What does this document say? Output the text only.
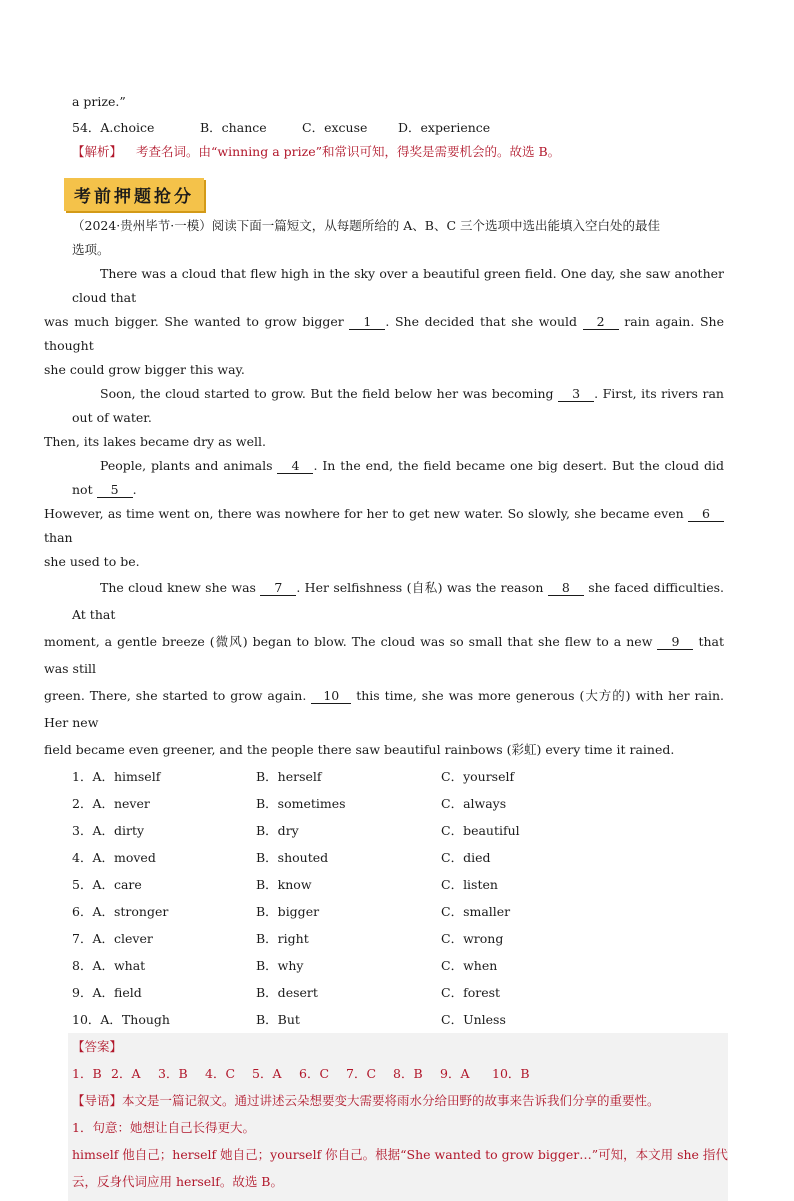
a prize.”
54．A.choice	B．chance	C．excuse	D．experience
【解析】 考查名词。由“winning a prize”和常识可知，得奖是需要机会的。故选 B。
考前押题抢分
（2024·贵州毕节·一模）阅读下面一篇短文，从每题所给的 A、B、C 三个选项中选出能填入空白处的最佳
选项。
There was a cloud that flew high in the sky over a beautiful green field. One day, she saw another cloud that
was much bigger. She wanted to grow bigger 1 . She decided that she would 2 rain again. She thought
she could grow bigger this way.
Soon, the cloud started to grow. But the field below her was becoming 3 . First, its rivers ran out of water.
Then, its lakes became dry as well.
People, plants and animals 4 . In the end, the field became one big desert. But the cloud did not 5 .
However, as time went on, there was nowhere for her to get new water. So slowly, she became even 6 than
she used to be.
The cloud knew she was 7 . Her selfishness (自私) was the reason 8 she faced difficulties. At that
moment, a gentle breeze (微风) began to blow. The cloud was so small that she flew to a new 9 that was still
green. There, she started to grow again. 10 this time, she was more generous (大方的) with her rain. Her new
field became even greener, and the people there saw beautiful rainbows (彩虹) every time it rained.
1．A．himself	B．herself	C．yourself
2．A．never	B．sometimes	C．always
3．A．dirty	B．dry	C．beautiful
4．A．moved	B．shouted	C．died
5．A．care	B．know	C．listen
6．A．stronger	B．bigger	C．smaller
7．A．clever	B．right	C．wrong
8．A．what	B．why	C．when
9．A．field	B．desert	C．forest
10．A．Though	B．But	C．Unless
【答案】
1．B 2．A	3．B	4．C	5．A	6．C	7．C	8．B	9．A	10．B
【导语】本文是一篇记叙文。通过讲述云朵想要变大需要将雨水分给田野的故事来告诉我们分享的重要性。
1．句意：她想让自己长得更大。
himself 他自己；herself 她自己；yourself 你自己。根据“She wanted to grow bigger…”可知，本文用 she 指代
云，反身代词应用 herself。故选 B。
